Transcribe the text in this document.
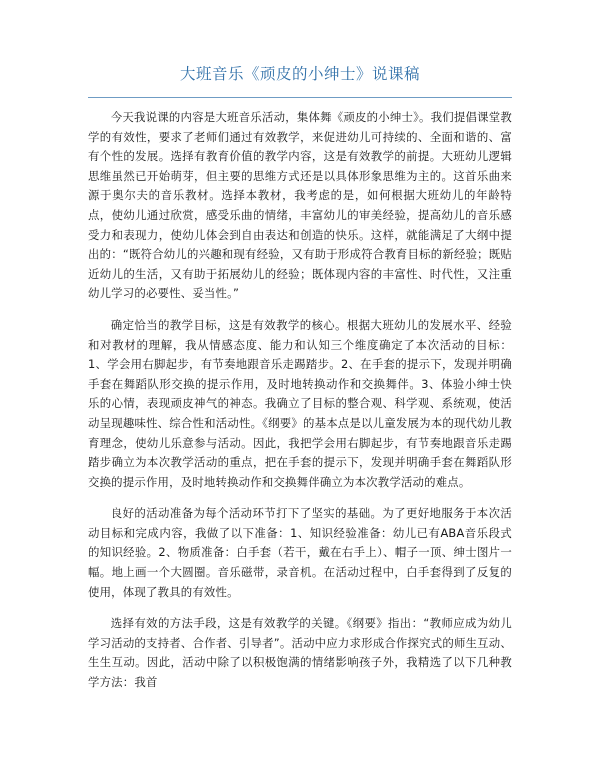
大班音乐《顽皮的小绅士》说课稿

今天我说课的内容是大班音乐活动，集体舞《顽皮的小绅士》。我们提倡课堂教学的有效性，要求了老师们通过有效教学，来促进幼儿可持续的、全面和谐的、富有个性的发展。选择有教育价值的教学内容，这是有效教学的前提。大班幼儿逻辑思维虽然已开始萌芽，但主要的思维方式还是以具体形象思维为主的。这首乐曲来源于奥尔夫的音乐教材。选择本教材，我考虑的是，如何根据大班幼儿的年龄特点，使幼儿通过欣赏，感受乐曲的情绪，丰富幼儿的审美经验，提高幼儿的音乐感受力和表现力，使幼儿体会到自由表达和创造的快乐。这样，就能满足了大纲中提出的：“既符合幼儿的兴趣和现有经验，又有助于形成符合教育目标的新经验；既贴近幼儿的生活，又有助于拓展幼儿的经验；既体现内容的丰富性、时代性，又注重幼儿学习的必要性、妥当性。”

确定恰当的教学目标，这是有效教学的核心。根据大班幼儿的发展水平、经验和对教材的理解，我从情感态度、能力和认知三个维度确定了本次活动的目标：1、学会用右脚起步，有节奏地跟音乐走踢踏步。2、在手套的提示下，发现并明确手套在舞蹈队形交换的提示作用，及时地转换动作和交换舞伴。3、体验小绅士快乐的心情，表现顽皮神气的神态。我确立了目标的整合观、科学观、系统观，使活动呈现趣味性、综合性和活动性。《纲要》的基本点是以儿童发展为本的现代幼儿教育理念，使幼儿乐意参与活动。因此，我把学会用右脚起步，有节奏地跟音乐走踢踏步确立为本次教学活动的重点，把在手套的提示下，发现并明确手套在舞蹈队形交换的提示作用，及时地转换动作和交换舞伴确立为本次教学活动的难点。

良好的活动准备为每个活动环节打下了坚实的基础。为了更好地服务于本次活动目标和完成内容，我做了以下准备：1、知识经验准备：幼儿已有ABA音乐段式的知识经验。2、物质准备：白手套（若干，戴在右手上）、帽子一顶、绅士图片一幅。地上画一个大圆圈。音乐磁带，录音机。在活动过程中，白手套得到了反复的使用，体现了教具的有效性。

选择有效的方法手段，这是有效教学的关键。《纲要》指出：“教师应成为幼儿学习活动的支持者、合作者、引导者”。活动中应力求形成合作探究式的师生互动、生生互动。因此，活动中除了以积极饱满的情绪影响孩子外，我精选了以下几种教学方法：我首
